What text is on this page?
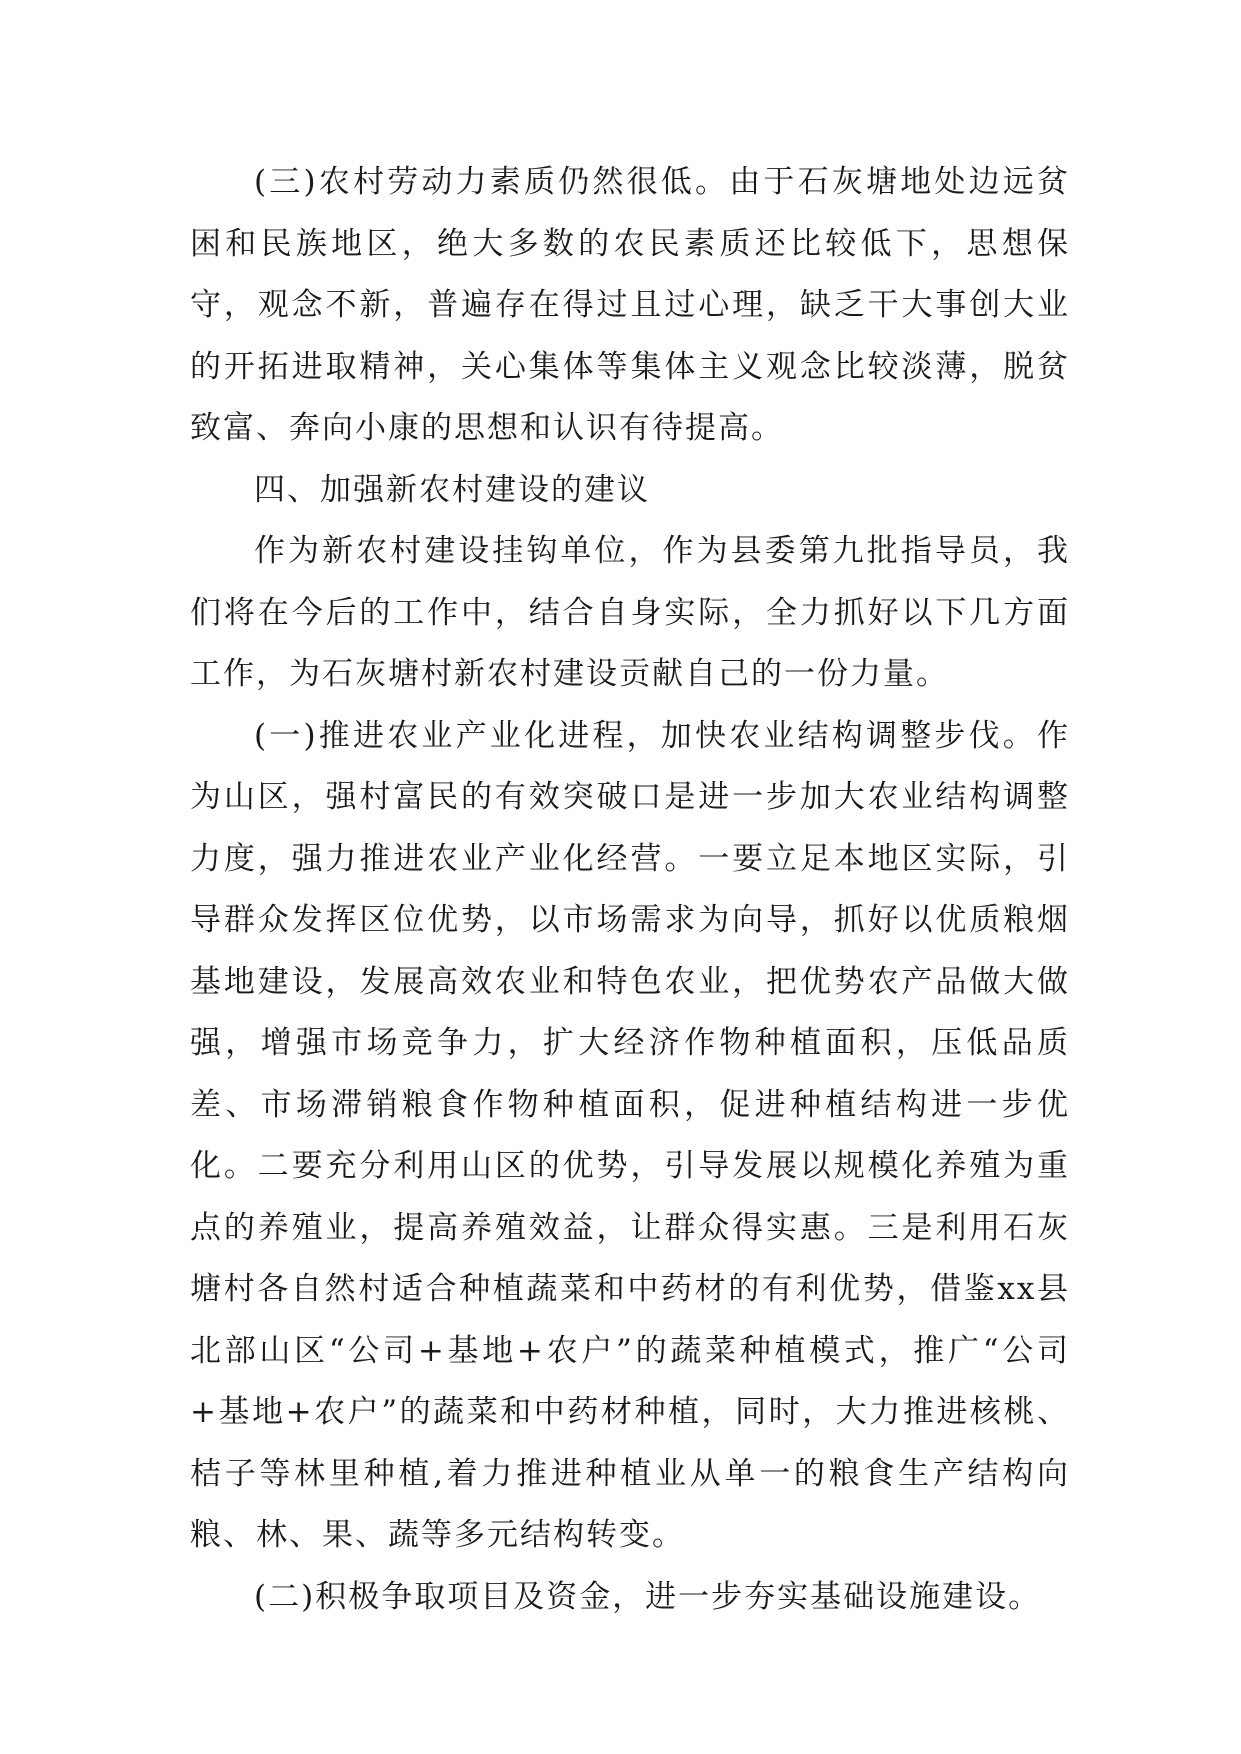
(三)农村劳动力素质仍然很低。由于石灰塘地处边远贫困和民族地区，绝大多数的农民素质还比较低下，思想保守，观念不新，普遍存在得过且过心理，缺乏干大事创大业的开拓进取精神，关心集体等集体主义观念比较淡薄，脱贫致富、奔向小康的思想和认识有待提高。

四、加强新农村建设的建议

作为新农村建设挂钩单位，作为县委第九批指导员，我们将在今后的工作中，结合自身实际，全力抓好以下几方面工作，为石灰塘村新农村建设贡献自己的一份力量。

(一)推进农业产业化进程，加快农业结构调整步伐。作为山区，强村富民的有效突破口是进一步加大农业结构调整力度，强力推进农业产业化经营。一要立足本地区实际，引导群众发挥区位优势，以市场需求为向导，抓好以优质粮烟基地建设，发展高效农业和特色农业，把优势农产品做大做强，增强市场竞争力，扩大经济作物种植面积，压低品质差、市场滞销粮食作物种植面积，促进种植结构进一步优化。二要充分利用山区的优势，引导发展以规模化养殖为重点的养殖业，提高养殖效益，让群众得实惠。三是利用石灰塘村各自然村适合种植蔬菜和中药材的有利优势，借鉴xx县北部山区“公司+基地+农户”的蔬菜种植模式，推广“公司+基地+农户”的蔬菜和中药材种植，同时，大力推进核桃、桔子等林里种植,着力推进种植业从单一的粮食生产结构向粮、林、果、蔬等多元结构转变。

(二)积极争取项目及资金，进一步夯实基础设施建设。
